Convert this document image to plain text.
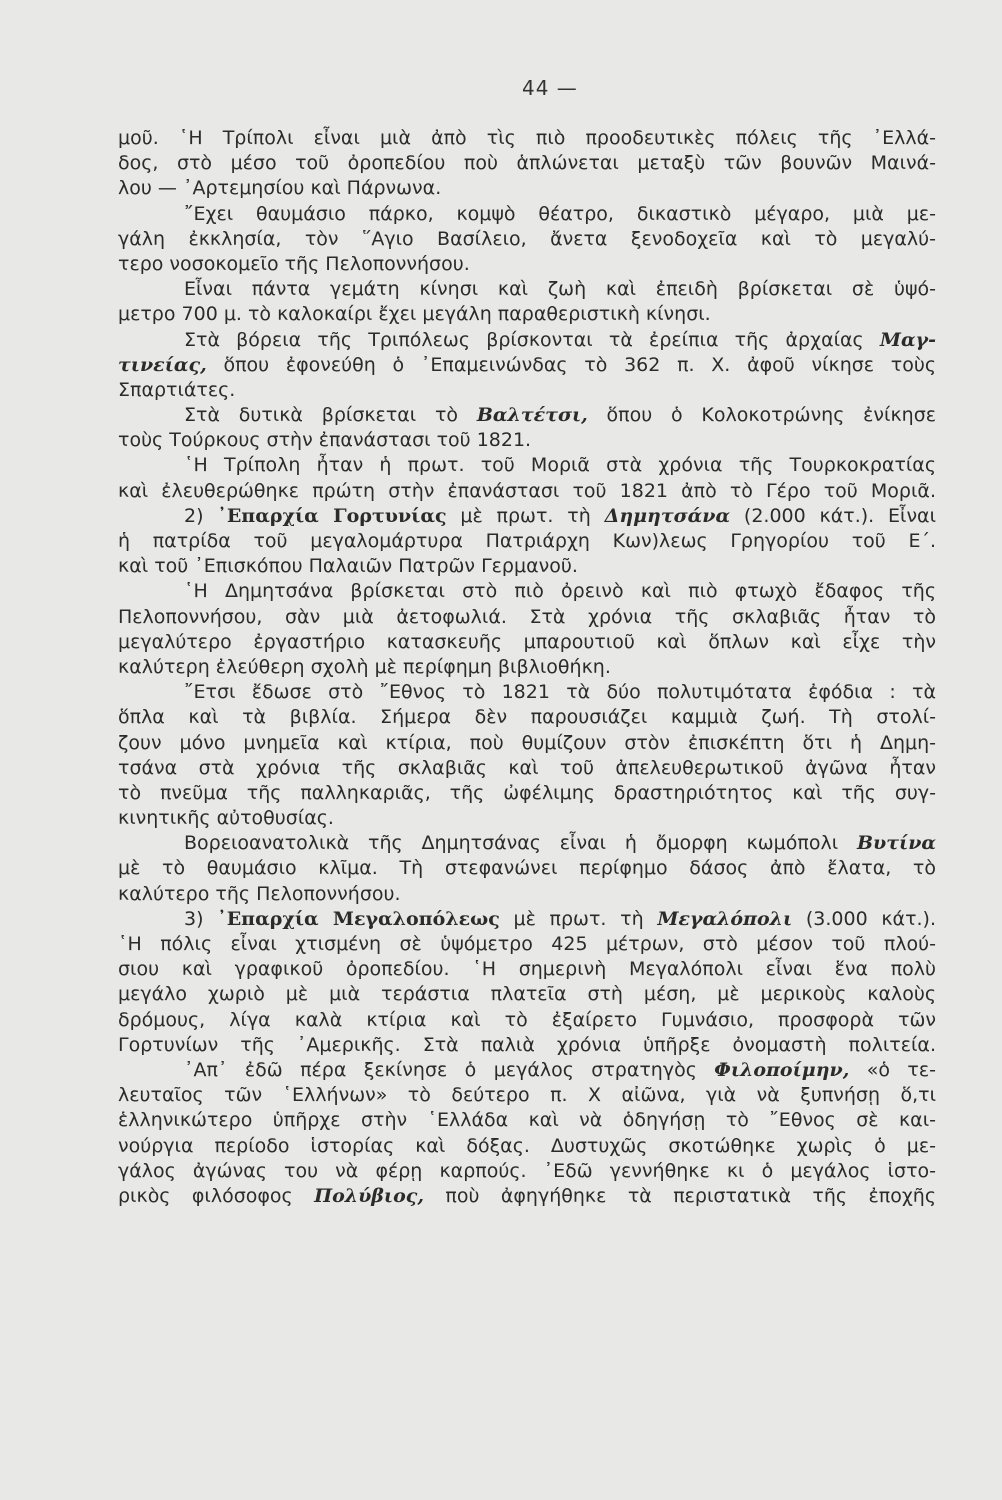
44 —
μοῦ. ῾Η Τρίπολι εἶναι μιὰ ἀπὸ τὶς πιὸ προοδευτικὲς πόλεις τῆς ᾿Ελλά-
δος, στὸ μέσο τοῦ ὀροπεδίου ποὺ ἁπλώνεται μεταξὺ τῶν βουνῶν Μαινά-
λου — ᾿Αρτεμησίου καὶ Πάρνωνα.
῎Εχει θαυμάσιο πάρκο, κομψὸ θέατρο, δικαστικὸ μέγαρο, μιὰ με-
γάλη ἐκκλησία, τὸν ῞Αγιο Βασίλειο, ἄνετα ξενοδοχεῖα καὶ τὸ μεγαλύ-
τερο νοσοκομεῖο τῆς Πελοποννήσου.
Εἶναι πάντα γεμάτη κίνησι καὶ ζωὴ καὶ ἐπειδὴ βρίσκεται σὲ ὑψό-
μετρο 700 μ. τὸ καλοκαίρι ἔχει μεγάλη παραθεριστικὴ κίνησι.
Στὰ βόρεια τῆς Τριπόλεως βρίσκονται τὰ ἐρείπια τῆς ἀρχαίας Μαγ-
τινείας, ὅπου ἐφονεύθη ὁ ᾿Επαμεινώνδας τὸ 362 π. Χ. ἀφοῦ νίκησε τοὺς
Σπαρτιάτες.
Στὰ δυτικὰ βρίσκεται τὸ Βαλτέτσι, ὅπου ὁ Κολοκοτρώνης ἐνίκησε
τοὺς Τούρκους στὴν ἐπανάστασι τοῦ 1821.
῾Η Τρίπολη ἦταν ἡ πρωτ. τοῦ Μοριᾶ στὰ χρόνια τῆς Τουρκοκρατίας
καὶ ἐλευθερώθηκε πρώτη στὴν ἐπανάστασι τοῦ 1821 ἀπὸ τὸ Γέρο τοῦ Μοριᾶ.
2) ᾿Επαρχία Γορτυνίας μὲ πρωτ. τὴ Δημητσάνα (2.000 κάτ.). Εἶναι
ἡ πατρίδα τοῦ μεγαλομάρτυρα Πατριάρχη Κων)λεως Γρηγορίου τοῦ Ε΄.
καὶ τοῦ ᾿Επισκόπου Παλαιῶν Πατρῶν Γερμανοῦ.
῾Η Δημητσάνα βρίσκεται στὸ πιὸ ὀρεινὸ καὶ πιὸ φτωχὸ ἔδαφος τῆς
Πελοποννήσου, σὰν μιὰ ἀετοφωλιά. Στὰ χρόνια τῆς σκλαβιᾶς ἦταν τὸ
μεγαλύτερο ἐργαστήριο κατασκευῆς μπαρουτιοῦ καὶ ὅπλων καὶ εἶχε τὴν
καλύτερη ἐλεύθερη σχολὴ μὲ περίφημη βιβλιοθήκη.
῎Ετσι ἔδωσε στὸ ῎Εθνος τὸ 1821 τὰ δύο πολυτιμότατα ἐφόδια : τὰ
ὅπλα καὶ τὰ βιβλία. Σήμερα δὲν παρουσιάζει καμμιὰ ζωή. Τὴ στολί-
ζουν μόνο μνημεῖα καὶ κτίρια, ποὺ θυμίζουν στὸν ἐπισκέπτη ὅτι ἡ Δημη-
τσάνα στὰ χρόνια τῆς σκλαβιᾶς καὶ τοῦ ἀπελευθερωτικοῦ ἀγῶνα ἦταν
τὸ πνεῦμα τῆς παλληκαριᾶς, τῆς ὠφέλιμης δραστηριότητος καὶ τῆς συγ-
κινητικῆς αὐτοθυσίας.
Βορειοανατολικὰ τῆς Δημητσάνας εἶναι ἡ ὄμορφη κωμόπολι Βυτίνα
μὲ τὸ θαυμάσιο κλῖμα. Τὴ στεφανώνει περίφημο δάσος ἀπὸ ἔλατα, τὸ
καλύτερο τῆς Πελοποννήσου.
3) ᾿Επαρχία Μεγαλοπόλεως μὲ πρωτ. τὴ Μεγαλόπολι (3.000 κάτ.).
῾Η πόλις εἶναι χτισμένη σὲ ὑψόμετρο 425 μέτρων, στὸ μέσον τοῦ πλού-
σιου καὶ γραφικοῦ ὀροπεδίου. ῾Η σημερινὴ Μεγαλόπολι εἶναι ἕνα πολὺ
μεγάλο χωριὸ μὲ μιὰ τεράστια πλατεῖα στὴ μέση, μὲ μερικοὺς καλοὺς
δρόμους, λίγα καλὰ κτίρια καὶ τὸ ἐξαίρετο Γυμνάσιο, προσφορὰ τῶν
Γορτυνίων τῆς ᾿Αμερικῆς. Στὰ παλιὰ χρόνια ὑπῆρξε ὀνομαστὴ πολιτεία.
᾿Απ᾿ ἐδῶ πέρα ξεκίνησε ὁ μεγάλος στρατηγὸς Φιλοποίμην, «ὁ τε-
λευταῖος τῶν ῾Ελλήνων» τὸ δεύτερο π. Χ αἰῶνα, γιὰ νὰ ξυπνήσῃ ὅ,τι
ἑλληνικώτερο ὑπῆρχε στὴν ῾Ελλάδα καὶ νὰ ὁδηγήσῃ τὸ ῎Εθνος σὲ και-
νούργια περίοδο ἱστορίας καὶ δόξας. Δυστυχῶς σκοτώθηκε χωρὶς ὁ με-
γάλος ἀγώνας του νὰ φέρῃ καρπούς. ᾿Εδῶ γεννήθηκε κι ὁ μεγάλος ἱστο-
ρικὸς φιλόσοφος Πολύβιος, ποὺ ἀφηγήθηκε τὰ περιστατικὰ τῆς ἐποχῆς
